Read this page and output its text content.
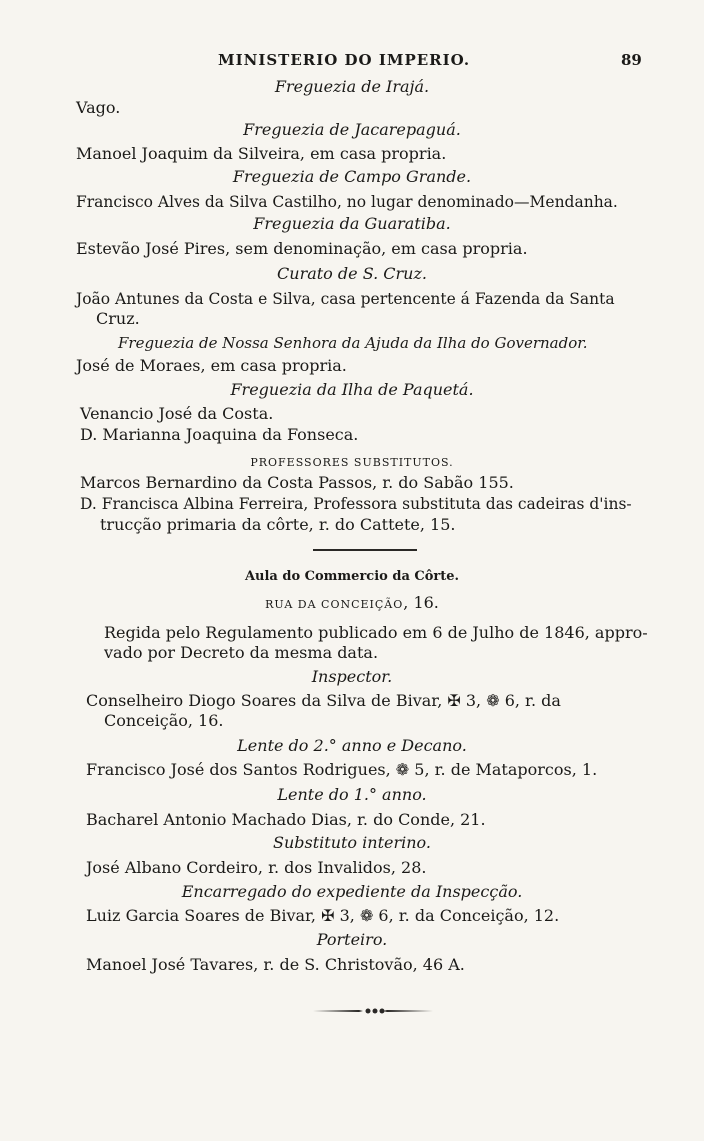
MINISTERIO DO IMPERIO.	89
Freguezia de Irajá.
Vago.
Freguezia de Jacarepaguá.
Manoel Joaquim da Silveira, em casa propria.
Freguezia de Campo Grande.
Francisco Alves da Silva Castilho, no lugar denominado—Mendanha.
Freguezia da Guaratiba.
Estevão José Pires, sem denominação, em casa propria.
Curato de S. Cruz.
João Antunes da Costa e Silva, casa pertencente á Fazenda da Santa
Cruz.
Freguezia de Nossa Senhora da Ajuda da Ilha do Governador.
José de Moraes, em casa propria.
Freguezia da Ilha de Paquetá.
Venancio José da Costa.
D. Marianna Joaquina da Fonseca.
PROFESSORES SUBSTITUTOS.
Marcos Bernardino da Costa Passos, r. do Sabão 155.
D. Francisca Albina Ferreira, Professora substituta das cadeiras d'ins-
trucção primaria da côrte, r. do Cattete, 15.
Aula do Commercio da Côrte.
RUA DA CONCEIÇÃO, 16.
Regida pelo Regulamento publicado em 6 de Julho de 1846, appro-
vado por Decreto da mesma data.
Inspector.
Conselheiro Diogo Soares da Silva de Bivar, ✠ 3, ❁ 6, r. da
Conceição, 16.
Lente do 2.° anno e Decano.
Francisco José dos Santos Rodrigues, ❁ 5, r. de Mataporcos, 1.
Lente do 1.° anno.
Bacharel Antonio Machado Dias, r. do Conde, 21.
Substituto interino.
José Albano Cordeiro, r. dos Invalidos, 28.
Encarregado do expediente da Inspecção.
Luiz Garcia Soares de Bivar, ✠ 3, ❁ 6, r. da Conceição, 12.
Porteiro.
Manoel José Tavares, r. de S. Christovão, 46 A.
